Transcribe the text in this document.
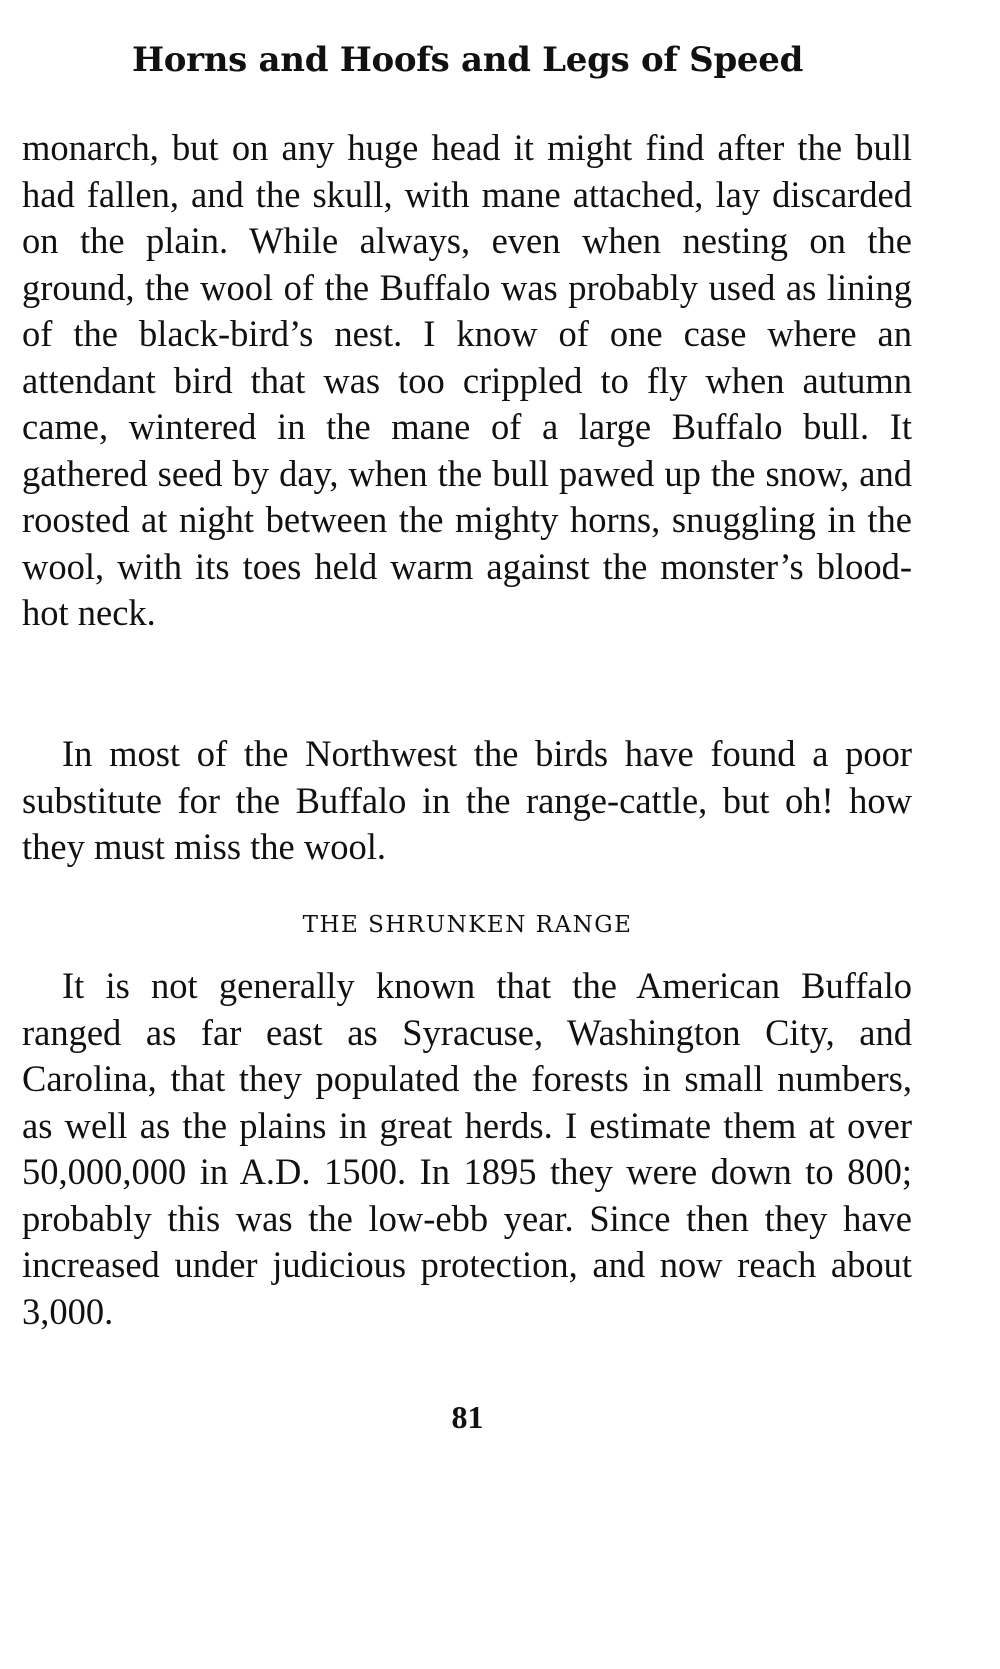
Horns and Hoofs and Legs of Speed

monarch, but on any huge head it might find after the bull had fallen, and the skull, with mane attached, lay discarded on the plain. While always, even when nesting on the ground, the wool of the Buffalo was probably used as lining of the black-bird’s nest. I know of one case where an attendant bird that was too crippled to fly when autumn came, wintered in the mane of a large Buffalo bull. It gathered seed by day, when the bull pawed up the snow, and roosted at night between the mighty horns, snuggling in the wool, with its toes held warm against the monster’s blood-hot neck.

In most of the Northwest the birds have found a poor substitute for the Buffalo in the range-cattle, but oh! how they must miss the wool.

THE SHRUNKEN RANGE

It is not generally known that the American Buffalo ranged as far east as Syracuse, Washington City, and Carolina, that they populated the forests in small numbers, as well as the plains in great herds. I estimate them at over 50,000,000 in A.D. 1500. In 1895 they were down to 800; probably this was the low-ebb year. Since then they have increased under judicious protection, and now reach about 3,000.

81
